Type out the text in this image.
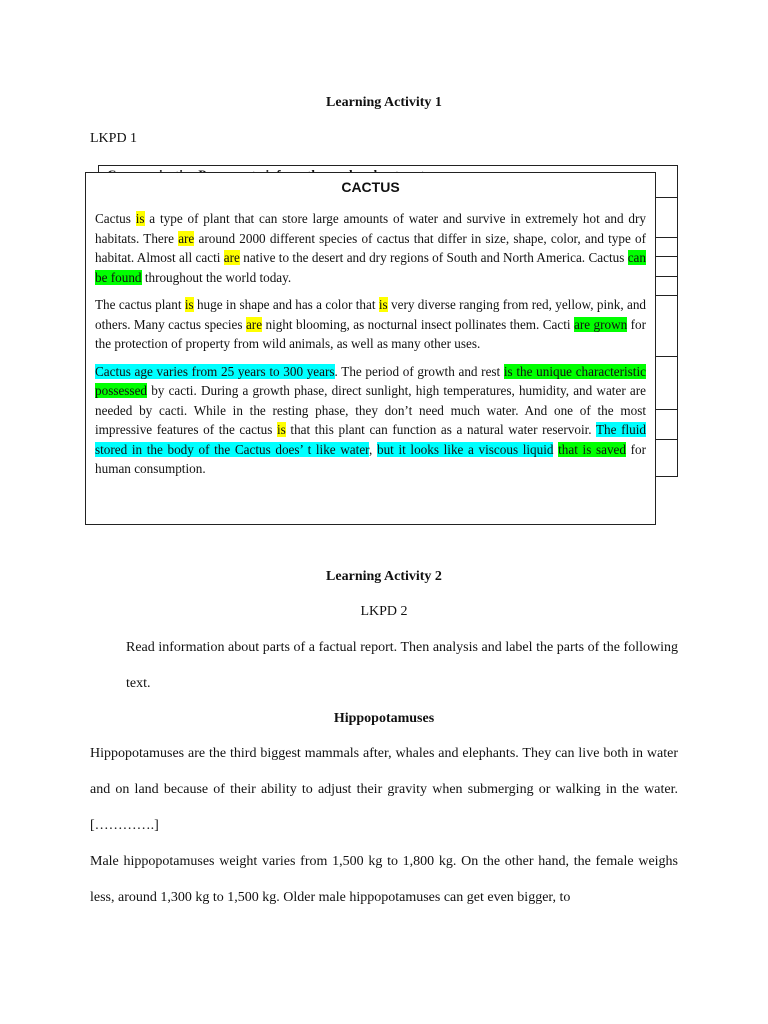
Learning Activity 1
LKPD 1
CACTUS

Cactus is a type of plant that can store large amounts of water and survive in extremely hot and dry habitats. There are around 2000 different species of cactus that differ in size, shape, color, and type of habitat. Almost all cacti are native to the desert and dry regions of South and North America. Cactus can be found throughout the world today.

The cactus plant is huge in shape and has a color that is very diverse ranging from red, yellow, pink, and others. Many cactus species are night blooming, as nocturnal insect pollinates them. Cacti are grown for the protection of property from wild animals, as well as many other uses.

Cactus age varies from 25 years to 300 years. The period of growth and rest is the unique characteristic possessed by cacti. During a growth phase, direct sunlight, high temperatures, humidity, and water are needed by cacti. While in the resting phase, they don’t need much water. And one of the most impressive features of the cactus is that this plant can function as a natural water reservoir. The fluid stored in the body of the Cactus does’ t like water, but it looks like a viscous liquid that is saved for human consumption.

Learning Activity 2
LKPD 2
Read information about parts of a factual report. Then analysis and label the parts of the following text.
Hippopotamuses
Hippopotamuses are the third biggest mammals after, whales and elephants. They can live both in water and on land because of their ability to adjust their gravity when submerging or walking in the water. [………….]
Male hippopotamuses weight varies from 1,500 kg to 1,800 kg. On the other hand, the female weighs less, around 1,300 kg to 1,500 kg. Older male hippopotamuses can get even bigger, to
